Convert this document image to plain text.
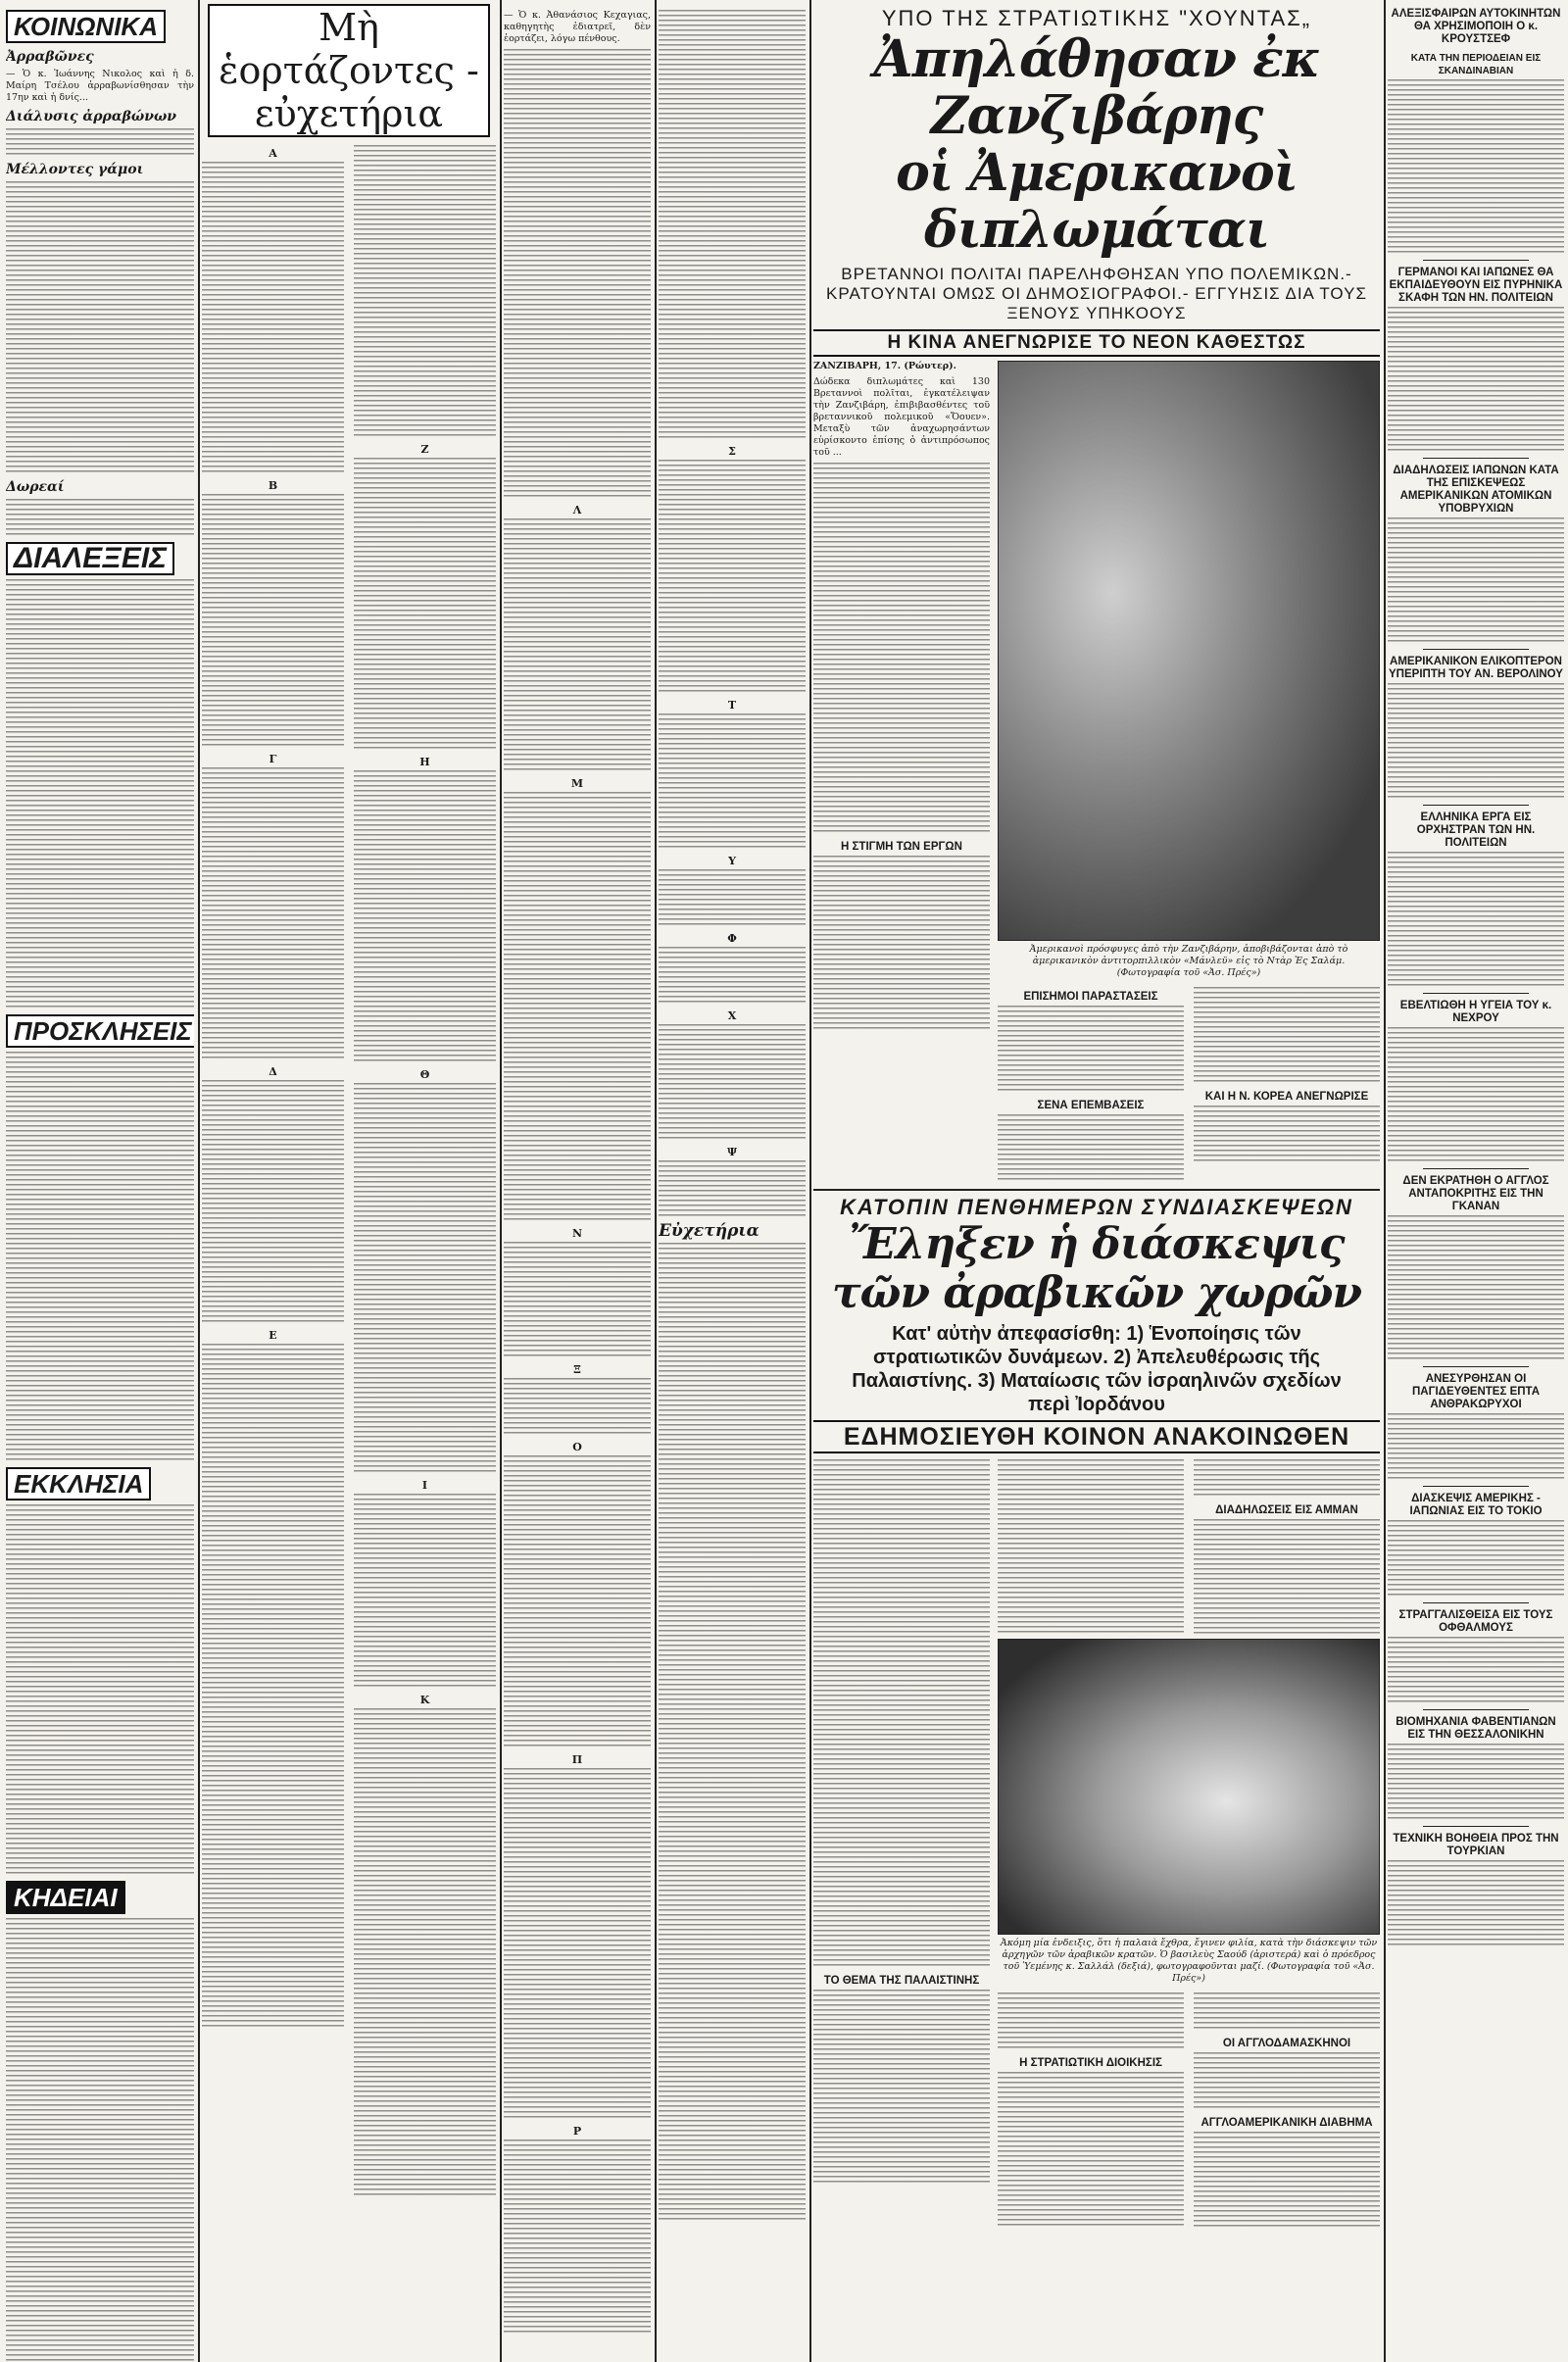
ΚΟΙΝΩΝΙΚΑ
Ἀρραβῶνες

— Ὁ κ. Ἰωάννης Νικολος καὶ ἡ δ. Μαίρη Τσέλου ἀρραβωνίσθησαν τὴν 17ην καὶ ἡ δνίς...

Διάλυσις ἀρραβώνων
Μέλλοντες γάμοι
Δωρεαί
ΔΙΑΛΕΞΕΙΣ
ΠΡΟΣΚΛΗΣΕΙΣ
ΕΚΚΛΗΣΙΑ
ΚΗΔΕΙΑΙ
Μὴ ἑορτάζοντες - εὐχετήρια
Α
Β
Γ
Δ
Ε
Ζ
Η
Θ
Ι
Κ

— Ὁ κ. Ἀθανάσιος Κεχαγιας, καθηγητὴς ἐδιατρεῖ, δὲν ἑορτάζει, λόγω πένθους.

Λ
Μ
Ν
Ξ
Ο
Π
Ρ
Σ
Τ
Υ
Φ
Χ
Ψ
Εὐχετήρια
ΥΠΟ ΤΗΣ ΣΤΡΑΤΙΩΤΙΚΗΣ "ΧΟΥΝΤΑΣ„
Ἀπηλάθησαν ἐκ Ζανζιβάρης
οἱ Ἀμερικανοὶ διπλωμάται
ΒΡΕΤΑΝΝΟΙ ΠΟΛΙΤΑΙ ΠΑΡΕΛΗΦΘΗΣΑΝ ΥΠΟ ΠΟΛΕΜΙΚΩΝ.-ΚΡΑΤΟΥΝΤΑΙ ΟΜΩΣ ΟΙ ΔΗΜΟΣΙΟΓΡΑΦΟΙ.- ΕΓΓΥΗΣΙΣ ΔΙΑ ΤΟΥΣ ΞΕΝΟΥΣ ΥΠΗΚΟΟΥΣ
Η ΚΙΝΑ ΑΝΕΓΝΩΡΙΣΕ ΤΟ ΝΕΟΝ ΚΑΘΕΣΤΩΣ

ΖΑΝΖΙΒΑΡΗ, 17. (Ρώυτερ).

Δώδεκα διπλωμάτες καὶ 130 Βρεταννοὶ πολῖται, ἐγκατέλειψαν τὴν Ζανζιβάρη, ἐπιβιβασθέντες τοῦ βρεταννικοῦ πολεμικοῦ «Ὄουεν». Μεταξὺ τῶν ἀναχωρησάντων εὑρίσκοντο ἐπίσης ὁ ἀντιπρόσωπος τοῦ ...

Η ΣΤΙΓΜΗ ΤΩΝ ΕΡΓΩΝ

Ἀμερικανοὶ πρόσφυγες ἀπὸ τὴν Ζανζιβάρην, ἀποβιβάζονται ἀπὸ τὸ ἀμερικανικὸν ἀντιτορπιλλικὸν «Μάνλεϋ» εἰς τὸ Ντὰρ Ἐς Σαλάμ. (Φωτογραφία τοῦ «Ἀσ. Πρές»)

ΕΠΙΣΗΜΟΙ ΠΑΡΑΣΤΑΣΕΙΣ
ΣΕΝΑ ΕΠΕΜΒΑΣΕΙΣ
ΚΑΙ Η Ν. ΚΟΡΕΑ ΑΝΕΓΝΩΡΙΣΕ
ΚΑΤΟΠΙΝ ΠΕΝΘΗΜΕΡΩΝ ΣΥΝΔΙΑΣΚΕΨΕΩΝ
Ἔληξεν ἡ διάσκεψις τῶν ἀραβικῶν χωρῶν
Κατ' αὐτὴν ἀπεφασίσθη: 1) Ἑνοποίησις τῶν στρατιωτικῶν δυνάμεων. 2) Ἀπελευθέρωσις τῆς Παλαιστίνης. 3) Ματαίωσις τῶν ἰσραηλινῶν σχεδίων περὶ Ἰορδάνου
ΕΔΗΜΟΣΙΕΥΘΗ ΚΟΙΝΟΝ ΑΝΑΚΟΙΝΩΘΕΝ
ΤΟ ΘΕΜΑ ΤΗΣ ΠΑΛΑΙΣΤΙΝΗΣ
ΔΙΑΔΗΛΩΣΕΙΣ ΕΙΣ ΑΜΜΑΝ

Ἀκόμη μία ἐνδειξις, ὅτι ἡ παλαιὰ ἔχθρα, ἔγινεν φιλία, κατὰ τὴν διάσκεψιν τῶν ἀρχηγῶν τῶν ἀραβικῶν κρατῶν. Ὁ βασιλεὺς Σαούδ (ἀριστερά) καὶ ὁ πρόεδρος τοῦ Ὑεμένης κ. Σαλλάλ (δεξιά), φωτογραφοῦνται μαζί. (Φωτογραφία τοῦ «Ἀσ. Πρές»)

Η ΣΤΡΑΤΙΩΤΙΚΗ ΔΙΟΙΚΗΣΙΣ
ΟΙ ΑΓΓΛΟΔΑΜΑΣΚΗΝΟΙ
ΑΓΓΛΟΑΜΕΡΙΚΑΝΙΚΗ ΔΙΑΒΗΜΑ
ΑΛΕΞΙΣΦΑΙΡΩΝ ΑΥΤΟΚΙΝΗΤΩΝ ΘΑ ΧΡΗΣΙΜΟΠΟΙΗ Ο κ. ΚΡΟΥΣΤΣΕΦ
ΚΑΤΑ ΤΗΝ ΠΕΡΙΟΔΕΙΑΝ ΕΙΣ ΣΚΑΝΔΙΝΑΒΙΑΝ
ΓΕΡΜΑΝΟΙ ΚΑΙ ΙΑΠΩΝΕΣ ΘΑ ΕΚΠΑΙΔΕΥΘΟΥΝ ΕΙΣ ΠΥΡΗΝΙΚΑ ΣΚΑΦΗ ΤΩΝ ΗΝ. ΠΟΛΙΤΕΙΩΝ
ΔΙΑΔΗΛΩΣΕΙΣ ΙΑΠΩΝΩΝ ΚΑΤΑ ΤΗΣ ΕΠΙΣΚΕΨΕΩΣ ΑΜΕΡΙΚΑΝΙΚΩΝ ΑΤΟΜΙΚΩΝ ΥΠΟΒΡΥΧΙΩΝ
ΑΜΕΡΙΚΑΝΙΚΟΝ ΕΛΙΚΟΠΤΕΡΟΝ ΥΠΕΡΙΠΤΗ ΤΟΥ ΑΝ. ΒΕΡΟΛΙΝΟΥ
ΕΛΛΗΝΙΚΑ ΕΡΓΑ ΕΙΣ ΟΡΧΗΣΤΡΑΝ ΤΩΝ ΗΝ. ΠΟΛΙΤΕΙΩΝ
ΕΒΕΛΤΙΩΘΗ Η ΥΓΕΙΑ ΤΟΥ κ. ΝΕΧΡΟΥ
ΔΕΝ ΕΚΡΑΤΗΘΗ Ο ΑΓΓΛΟΣ ΑΝΤΑΠΟΚΡΙΤΗΣ ΕΙΣ ΤΗΝ ΓΚΑΝΑΝ
ΑΝΕΣΥΡΘΗΣΑΝ ΟΙ ΠΑΓΙΔΕΥΘΕΝΤΕΣ ΕΠΤΑ ΑΝΘΡΑΚΩΡΥΧΟΙ
ΔΙΑΣΚΕΨΙΣ ΑΜΕΡΙΚΗΣ - ΙΑΠΩΝΙΑΣ ΕΙΣ ΤΟ ΤΟΚΙΟ
ΣΤΡΑΓΓΑΛΙΣΘΕΙΣΑ ΕΙΣ ΤΟΥΣ ΟΦΘΑΛΜΟΥΣ
ΒΙΟΜΗΧΑΝΙΑ ΦΑΒΕΝΤΙΑΝΩΝ ΕΙΣ ΤΗΝ ΘΕΣΣΑΛΟΝΙΚΗΝ
ΤΕΧΝΙΚΗ ΒΟΗΘΕΙΑ ΠΡΟΣ ΤΗΝ ΤΟΥΡΚΙΑΝ
